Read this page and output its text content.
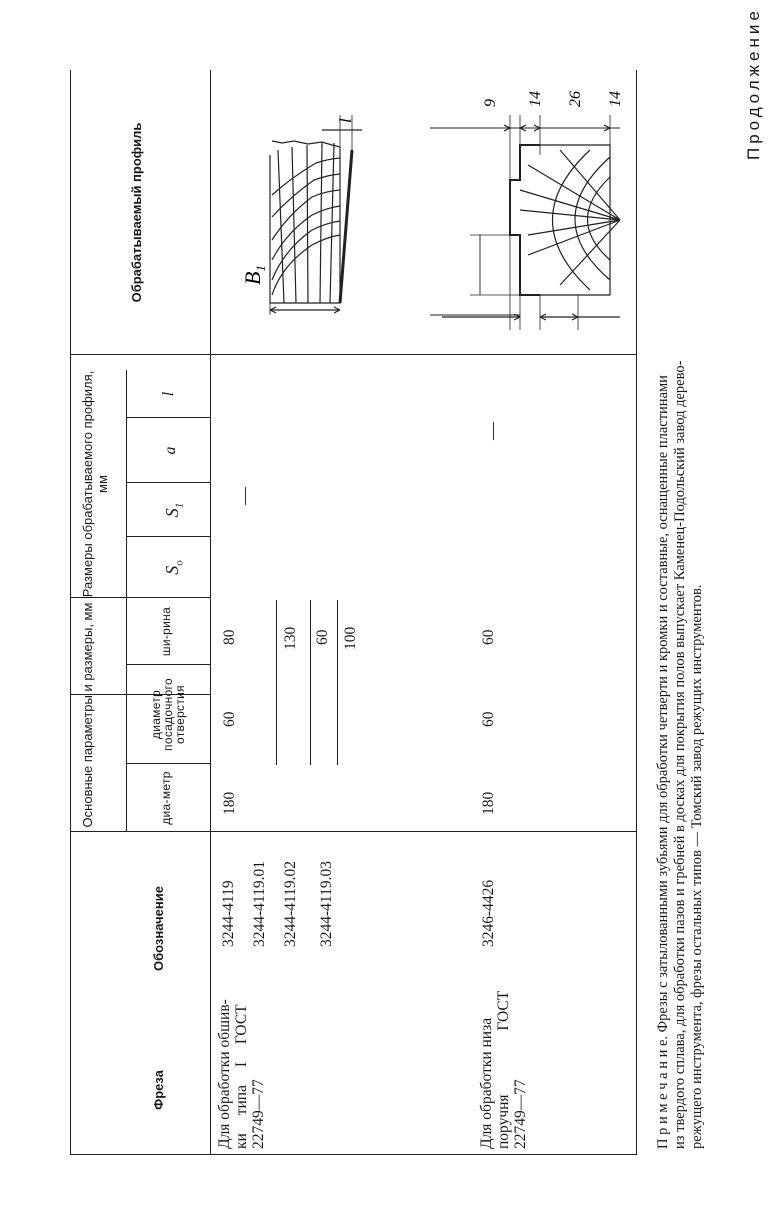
Продолжение
Фреза
Обозначение
Основные параметры и размеры, мм	диа-метр
диаметр посадочного отверстия
ши-рина
Размеры обрабатываемого профиля, мм
$S_o$
$S_1$
a
l
Обрабатываемый профиль
Для обработки обшив- ки типа I ГОСТ 22749—77
3244-4119 3244-4119.01 3244-4119.02 3244-4119.03
180
60
80	130 60 100
—
$B_1$
l
Для обработки низа поручня ГОСТ 22749—77
3246-4426
180
60
60
—
9 14 26 14
П р и м е ч а н и е. Фрезы с затылованными зубьями для обработки четверти и кромки и составные, оснащенные пластинами из твердого сплава, для обработки пазов и гребней в досках для покрытия полов выпускает Каменец-Подольский завод дерево- режущего инструмента, фрезы остальных типов — Томский завод режущих инструментов.
